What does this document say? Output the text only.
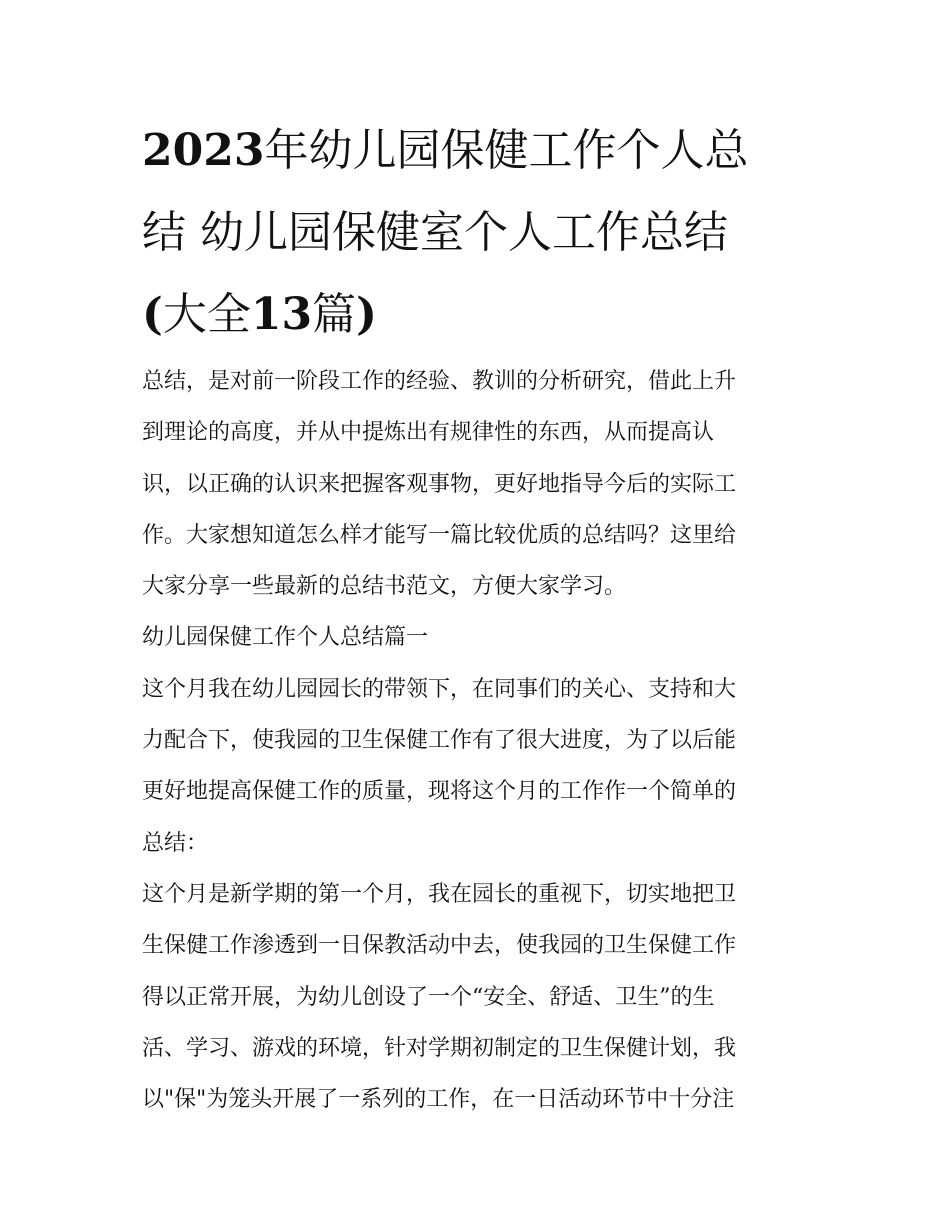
2023年幼儿园保健工作个人总
结 幼儿园保健室个人工作总结
(大全13篇)

总结，是对前一阶段工作的经验、教训的分析研究，借此上升
到理论的高度，并从中提炼出有规律性的东西，从而提高认
识，以正确的认识来把握客观事物，更好地指导今后的实际工
作。大家想知道怎么样才能写一篇比较优质的总结吗？这里给
大家分享一些最新的总结书范文，方便大家学习。

幼儿园保健工作个人总结篇一

这个月我在幼儿园园长的带领下，在同事们的关心、支持和大
力配合下，使我园的卫生保健工作有了很大进度，为了以后能
更好地提高保健工作的质量，现将这个月的工作作一个简单的
总结：

这个月是新学期的第一个月，我在园长的重视下，切实地把卫
生保健工作渗透到一日保教活动中去，使我园的卫生保健工作
得以正常开展，为幼儿创设了一个“安全、舒适、卫生”的生
活、学习、游戏的环境，针对学期初制定的卫生保健计划，我
以"保"为笼头开展了一系列的工作，在一日活动环节中十分注
